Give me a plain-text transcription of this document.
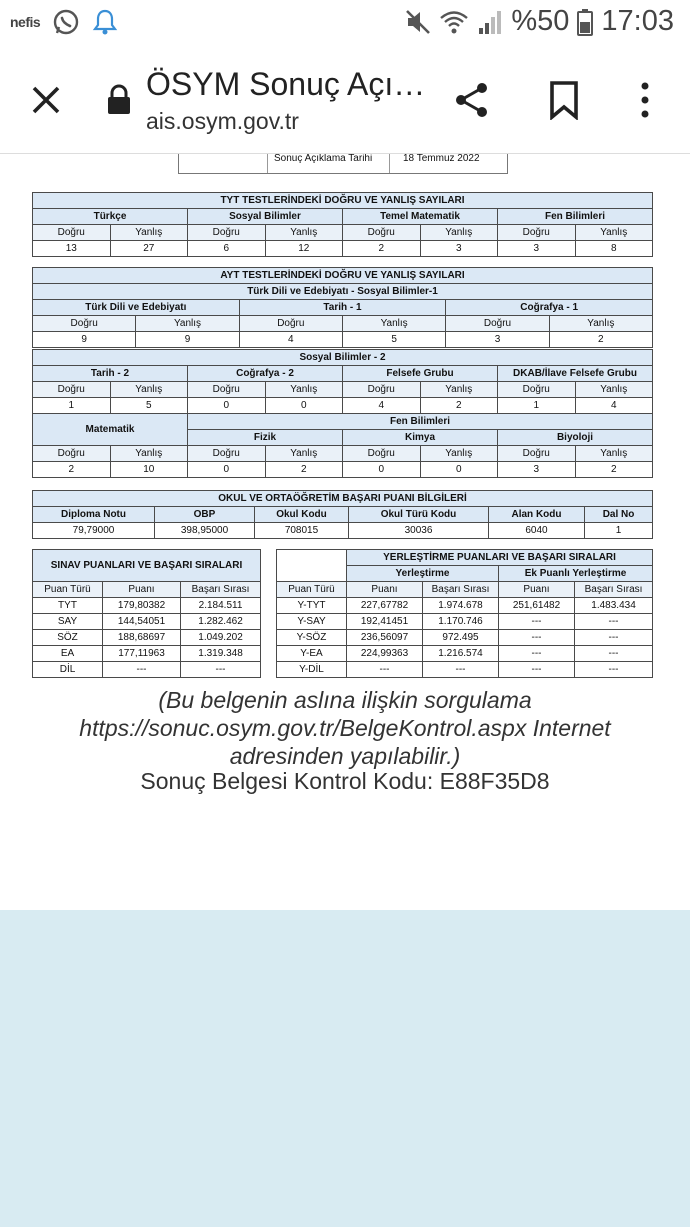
nefis	%50 17:03
ÖSYM Sonuç Açı…
ais.osym.gov.tr
Sonuç Açıklama Tarihi	18 Temmuz 2022
TYT TESTLERİNDEKİ DOĞRU VE YANLIŞ SAYILARI							
Türkçe		Sosyal Bilimler		Temel Matematik		Fen Bilimleri	
Doğru	Yanlış	Doğru	Yanlış	Doğru	Yanlış	Doğru	Yanlış
13	27	6	12	2	3	3	8
AYT TESTLERİNDEKİ DOĞRU VE YANLIŞ SAYILARI					
Türk Dili ve Edebiyatı - Sosyal Bilimler-1					
Türk Dili ve Edebiyatı		Tarih - 1		Coğrafya - 1	
Doğru	Yanlış	Doğru	Yanlış	Doğru	Yanlış
9	9	4	5	3	2
Sosyal Bilimler - 2							
Tarih - 2		Coğrafya - 2		Felsefe Grubu		DKAB/İlave Felsefe Grubu	
Doğru	Yanlış	Doğru	Yanlış	Doğru	Yanlış	Doğru	Yanlış
1	5	0	0	4	2	1	4
Matematik		Fen Bilimleri					
		Fizik		Kimya		Biyoloji	
Doğru	Yanlış	Doğru	Yanlış	Doğru	Yanlış	Doğru	Yanlış
2	10	0	2	0	0	3	2
OKUL VE ORTAÖĞRETİM BAŞARI PUANI BİLGİLERİ					
Diploma Notu	OBP	Okul Kodu	Okul Türü Kodu	Alan Kodu	Dal No
79,79000	398,95000	708015	30036	6040	1
SINAV PUANLARI VE BAŞARI SIRALARI		

Puan Türü	Puanı	Başarı Sırası
TYT	179,80382	2.184.511
SAY	144,54051	1.282.462
SÖZ	188,68697	1.049.202
EA	177,11963	1.319.348
DİL	---	---
	YERLEŞTİRME PUANLARI VE BAŞARI SIRALARI			
	Yerleştirme		Ek Puanlı Yerleştirme	
Puan Türü	Puanı	Başarı Sırası	Puanı	Başarı Sırası
Y-TYT	227,67782	1.974.678	251,61482	1.483.434
Y-SAY	192,41451	1.170.746	---	---
Y-SÖZ	236,56097	972.495	---	---
Y-EA	224,99363	1.216.574	---	---
Y-DİL	---	---	---	---
(Bu belgenin aslına ilişkin sorgulama
https://sonuc.osym.gov.tr/BelgeKontrol.aspx Internet
adresinden yapılabilir.)
Sonuç Belgesi Kontrol Kodu: E88F35D8
